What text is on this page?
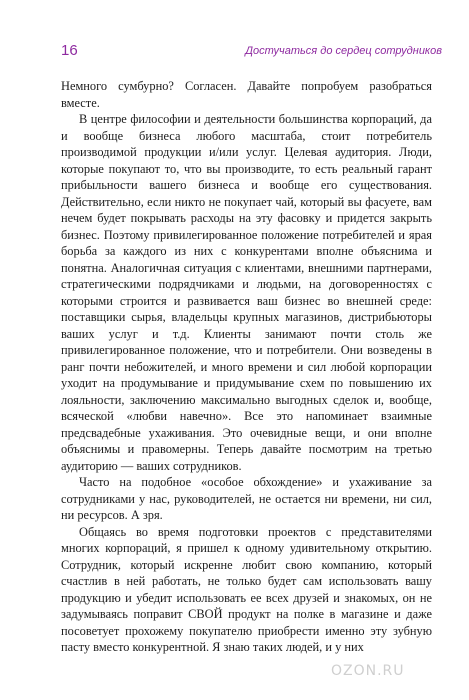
16	Достучаться до сердец сотрудников

Немного сумбурно? Согласен. Давайте попробуем разобраться вместе.

В центре философии и деятельности большинства корпораций, да и вообще бизнеса любого масштаба, стоит потребитель производимой продукции и/или услуг. Целевая аудитория. Люди, которые покупают то, что вы производите, то есть реальный гарант прибыльности вашего бизнеса и вообще его существования. Действительно, если никто не покупает чай, который вы фасуете, вам нечем будет покрывать расходы на эту фасовку и придется закрыть бизнес. Поэтому привилегированное положение потребителей и ярая борьба за каждого из них с конкурентами вполне объяснима и понятна. Аналогичная ситуация с клиентами, внешними партнерами, стратегическими подрядчиками и людьми, на договоренностях с которыми строится и развивается ваш бизнес во внешней среде: поставщики сырья, владельцы крупных магазинов, дистрибьюторы ваших услуг и т.д. Клиенты занимают почти столь же привилегированное положение, что и потребители. Они возведены в ранг почти небожителей, и много времени и сил любой корпорации уходит на продумывание и придумывание схем по повышению их лояльности, заключению максимально выгодных сделок и, вообще, всяческой «любви навечно». Все это напоминает взаимные предсвадебные ухаживания. Это очевидные вещи, и они вполне объяснимы и правомерны. Теперь давайте посмотрим на третью аудиторию — ваших сотрудников.

Часто на подобное «особое обхождение» и ухаживание за сотрудниками у нас, руководителей, не остается ни времени, ни сил, ни ресурсов. А зря.

Общаясь во время подготовки проектов с представителями многих корпораций, я пришел к одному удивительному открытию. Сотрудник, который искренне любит свою компанию, который счастлив в ней работать, не только будет сам использовать вашу продукцию и убедит использовать ее всех друзей и знакомых, он не задумываясь поправит СВОЙ продукт на полке в магазине и даже посоветует прохожему покупателю приобрести именно эту зубную пасту вместо конкурентной. Я знаю таких людей, и у них

OZON.RU
